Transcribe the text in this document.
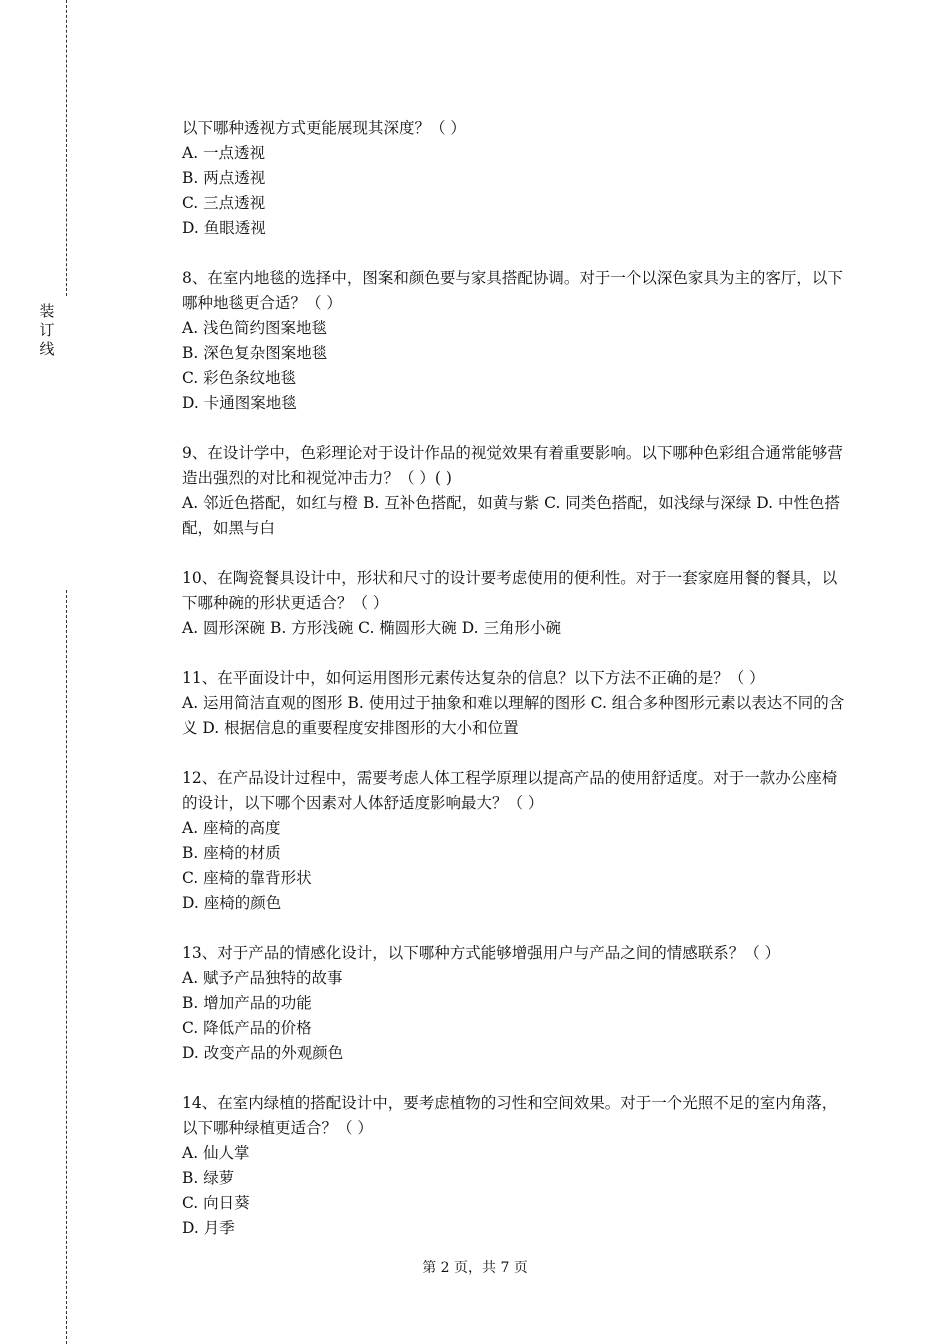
装
订
线

以下哪种透视方式更能展现其深度？（ ）

A. 一点透视

B. 两点透视

C. 三点透视

D. 鱼眼透视

8、在室内地毯的选择中，图案和颜色要与家具搭配协调。对于一个以深色家具为主的客厅，以下哪种地毯更合适？（ ）

A. 浅色简约图案地毯

B. 深色复杂图案地毯

C. 彩色条纹地毯

D. 卡通图案地毯

9、在设计学中，色彩理论对于设计作品的视觉效果有着重要影响。以下哪种色彩组合通常能够营造出强烈的对比和视觉冲击力？（ ）( )

A. 邻近色搭配，如红与橙 B. 互补色搭配，如黄与紫 C. 同类色搭配，如浅绿与深绿 D. 中性色搭配，如黑与白

10、在陶瓷餐具设计中，形状和尺寸的设计要考虑使用的便利性。对于一套家庭用餐的餐具，以下哪种碗的形状更适合？（ ）

A. 圆形深碗 B. 方形浅碗 C. 椭圆形大碗 D. 三角形小碗

11、在平面设计中，如何运用图形元素传达复杂的信息？以下方法不正确的是？（ ）

A. 运用简洁直观的图形 B. 使用过于抽象和难以理解的图形 C. 组合多种图形元素以表达不同的含义 D. 根据信息的重要程度安排图形的大小和位置

12、在产品设计过程中，需要考虑人体工程学原理以提高产品的使用舒适度。对于一款办公座椅的设计，以下哪个因素对人体舒适度影响最大？（ ）

A. 座椅的高度

B. 座椅的材质

C. 座椅的靠背形状

D. 座椅的颜色

13、对于产品的情感化设计，以下哪种方式能够增强用户与产品之间的情感联系？（ ）

A. 赋予产品独特的故事

B. 增加产品的功能

C. 降低产品的价格

D. 改变产品的外观颜色

14、在室内绿植的搭配设计中，要考虑植物的习性和空间效果。对于一个光照不足的室内角落，以下哪种绿植更适合？（ ）

A. 仙人掌

B. 绿萝

C. 向日葵

D. 月季

第 2 页，共 7 页
